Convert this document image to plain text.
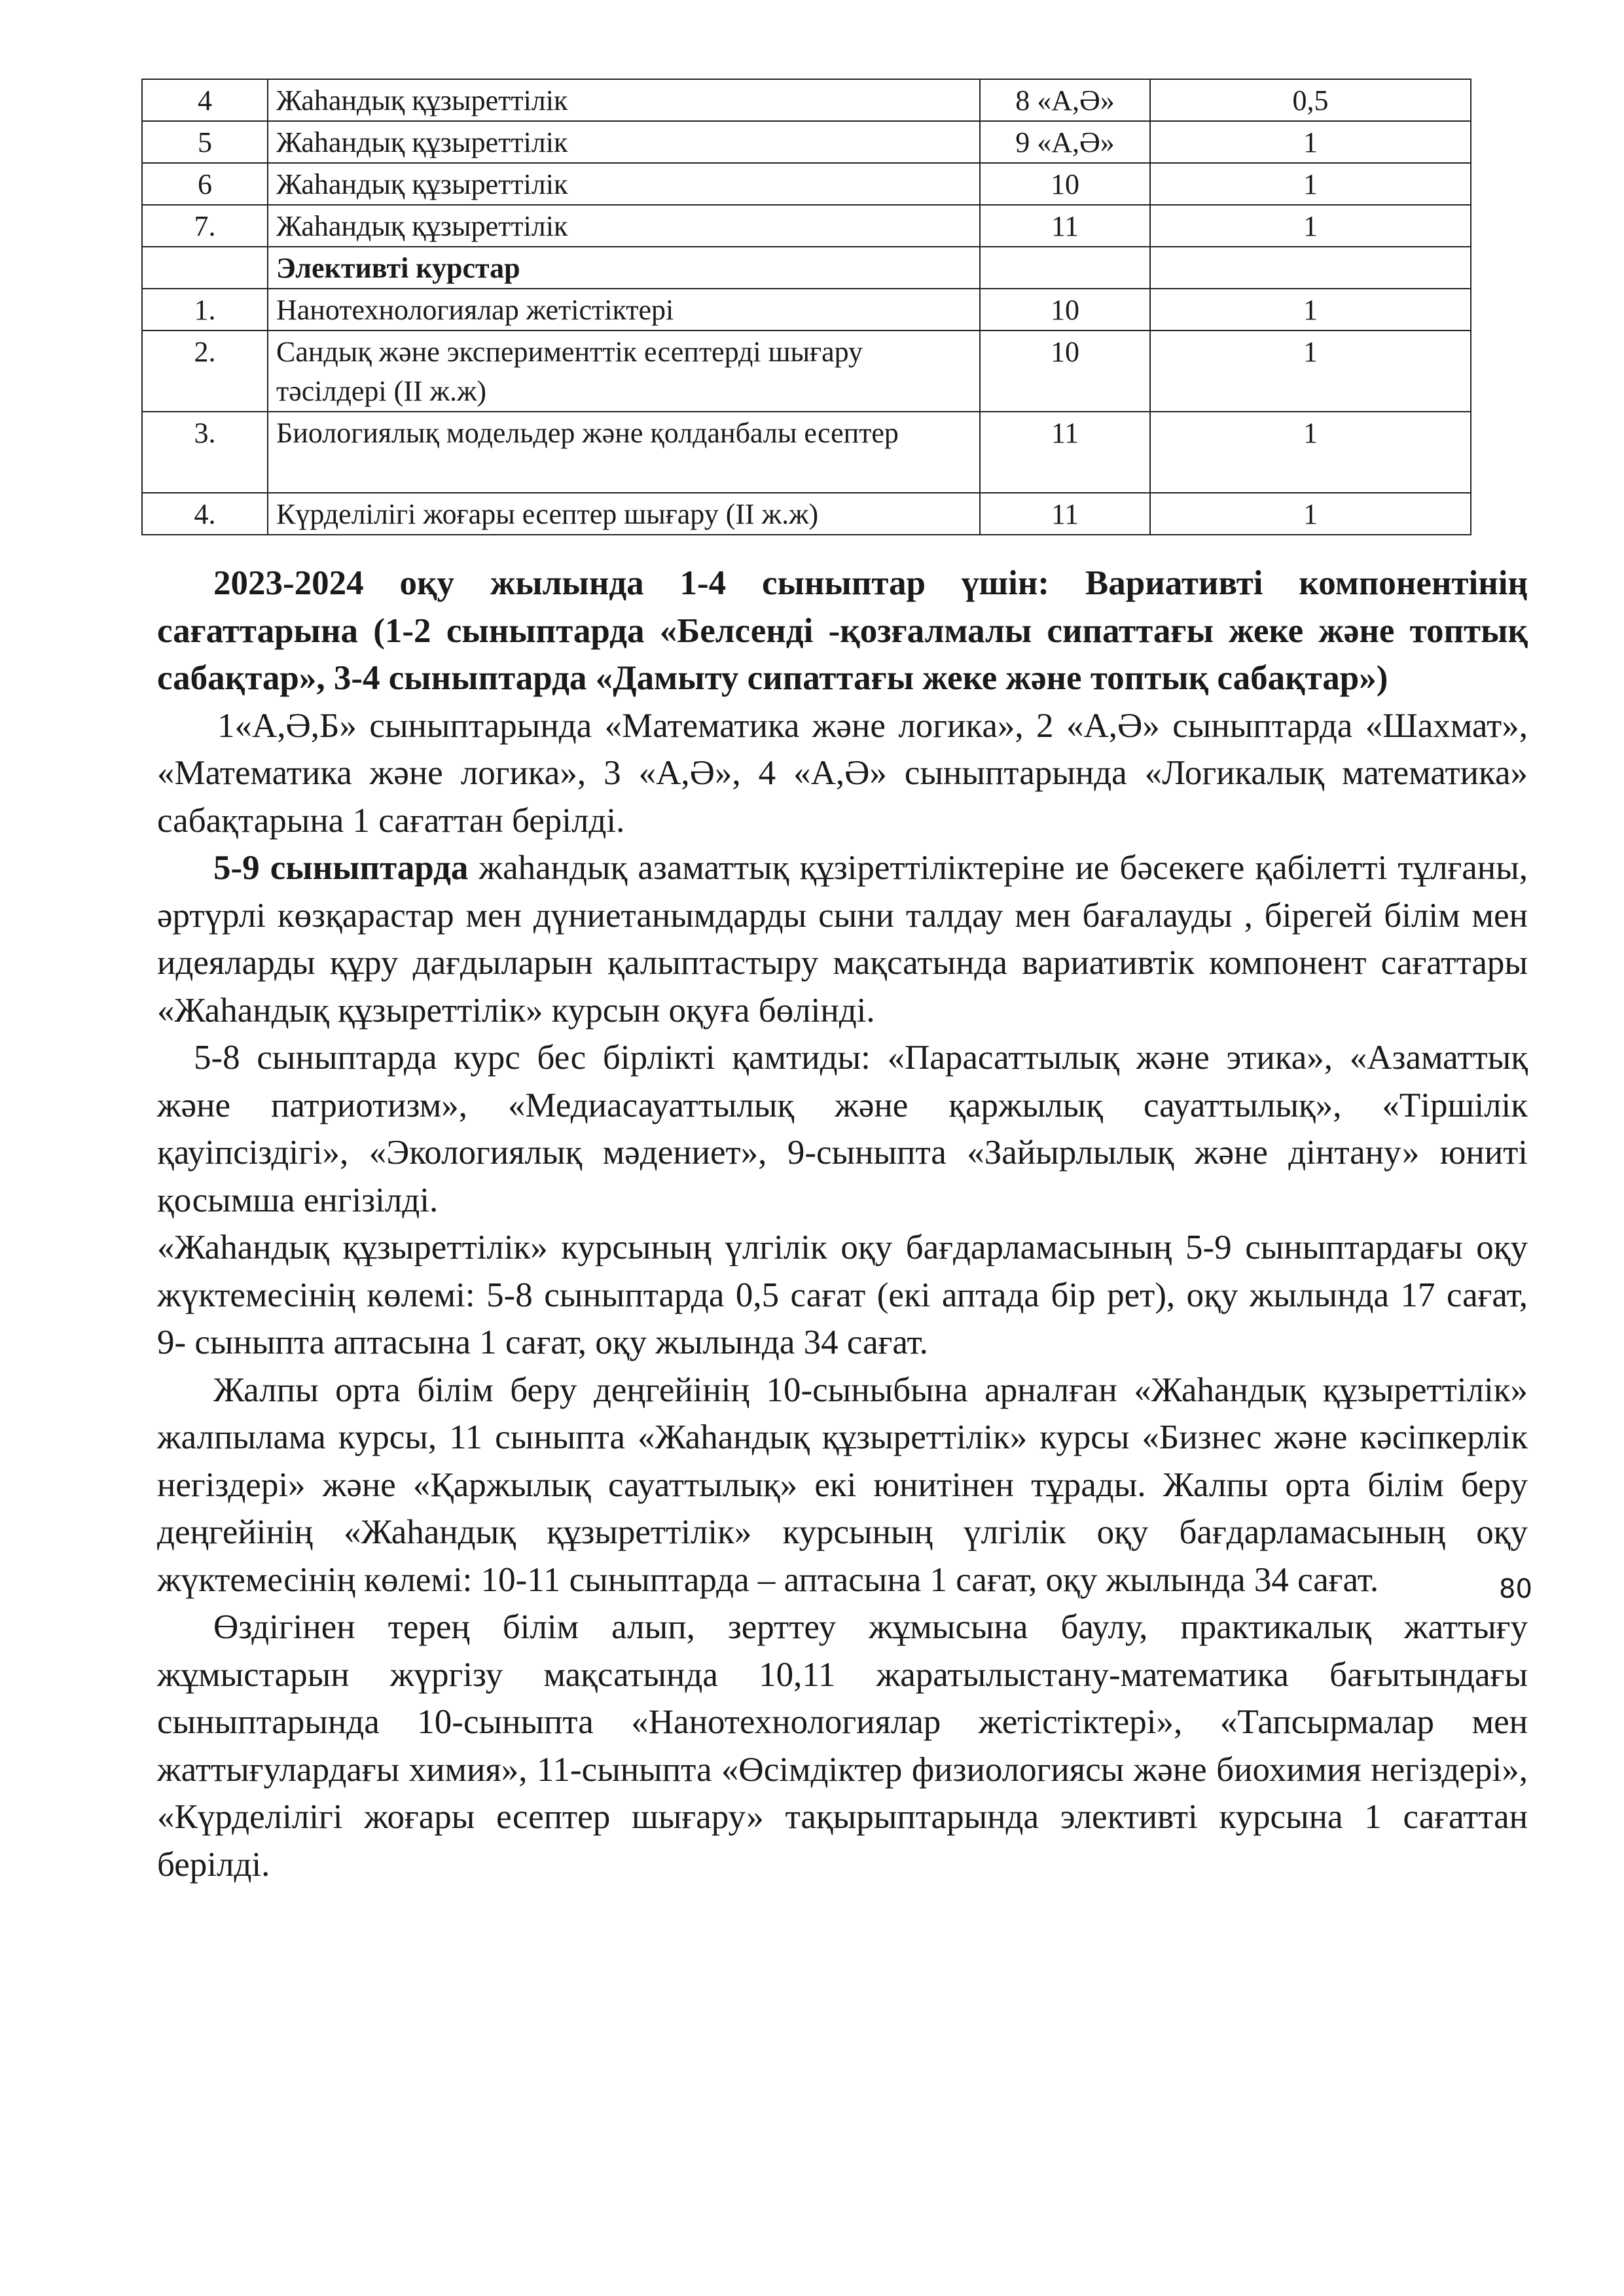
4	Жаһандық құзыреттілік	8 «А,Ә»	0,5
5	Жаһандық құзыреттілік	9 «А,Ә»	1
6	Жаһандық құзыреттілік	10	1
7.	Жаһандық құзыреттілік	11	1
	Элективті курстар		
1.	Нанотехнологиялар жетістіктері	10	1
2.	Сандық және эксперименттік есептерді шығару тәсілдері (II ж.ж)	10	1
3.	Биологиялық модельдер және қолданбалы есептер	11	1
4.	Күрделілігі жоғары есептер шығару (II ж.ж)	11	1

2023-2024 оқу жылында 1-4 сыныптар үшін: Вариативті компонентінің сағаттарына (1-2 сыныптарда «Белсенді -қозғалмалы сипаттағы жеке және топтық сабақтар», 3-4 сыныптарда «Дамыту сипаттағы жеке және топтық сабақтар»)

1«А,Ә,Б» сыныптарында «Математика және логика», 2 «А,Ә» сыныптарда «Шахмат», «Математика және логика», 3 «А,Ә», 4 «А,Ә» сыныптарында «Логикалық математика» сабақтарына 1 сағаттан берілді.

5-9 сыныптарда жаһандық азаматтық құзіреттіліктеріне ие бәсекеге қабілетті тұлғаны, әртүрлі көзқарастар мен дүниетанымдарды сыни талдау мен бағалауды , бірегей білім мен идеяларды құру дағдыларын қалыптастыру мақсатында вариативтік компонент сағаттары «Жаһандық құзыреттілік» курсын оқуға бөлінді.

5-8 сыныптарда курс бес бірлікті қамтиды: «Парасаттылық және этика», «Азаматтық және патриотизм», «Медиасауаттылық және қаржылық сауаттылық», «Тіршілік қауіпсіздігі», «Экологиялық мәдениет», 9-сыныпта «Зайырлылық және дінтану» юниті қосымша енгізілді.

«Жаһандық құзыреттілік» курсының үлгілік оқу бағдарламасының 5-9 сыныптардағы оқу жүктемесінің көлемі: 5-8 сыныптарда 0,5 сағат (екі аптада бір рет), оқу жылында 17 сағат, 9- сыныпта аптасына 1 сағат, оқу жылында 34 сағат.

Жалпы орта білім беру деңгейінің 10-сыныбына арналған «Жаһандық құзыреттілік» жалпылама курсы, 11 сыныпта «Жаһандық құзыреттілік» курсы «Бизнес және кәсіпкерлік негіздері» және «Қаржылық сауаттылық» екі юнитінен тұрады. Жалпы орта білім беру деңгейінің «Жаһандық құзыреттілік» курсының үлгілік оқу бағдарламасының оқу жүктемесінің көлемі: 10-11 сыныптарда – аптасына 1 сағат, оқу жылында 34 сағат.

Өздігінен терең білім алып, зерттеу жұмысына баулу, практикалық жаттығу жұмыстарын жүргізу мақсатында 10,11 жаратылыстану-математика бағытындағы сыныптарында 10-сыныпта «Нанотехнологиялар жетістіктері», «Тапсырмалар мен жаттығулардағы химия», 11-сыныпта «Өсімдіктер физиологиясы және биохимия негіздері», «Күрделілігі жоғары есептер шығару» тақырыптарында элективті курсына 1 сағаттан берілді.

80
